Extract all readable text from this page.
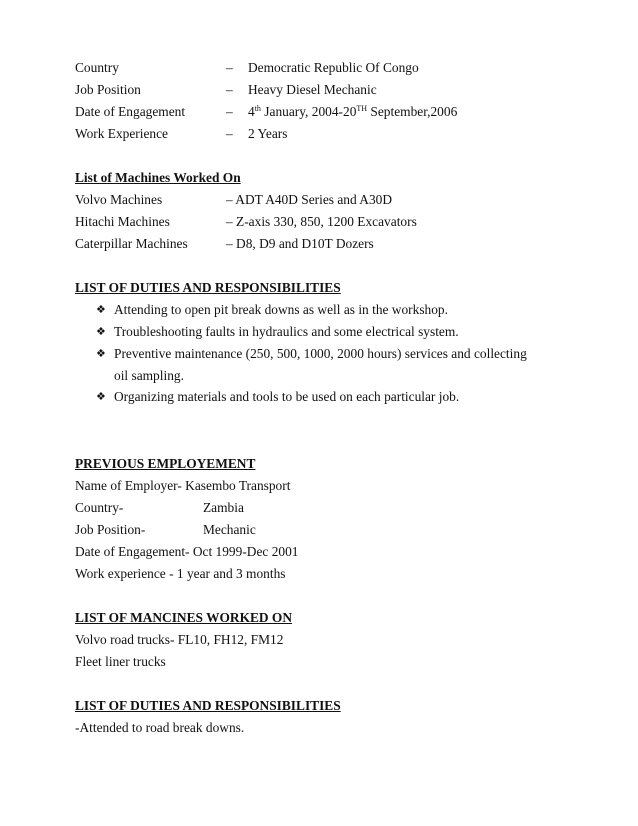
Country	– Democratic Republic Of Congo
Job Position	– Heavy Diesel Mechanic
Date of Engagement	– 4th January, 2004-20TH September,2006
Work Experience	– 2 Years
List of Machines Worked On
Volvo Machines	– ADT A40D Series and A30D
Hitachi Machines	– Z-axis 330, 850, 1200 Excavators
Caterpillar Machines	– D8, D9 and D10T Dozers
LIST OF DUTIES AND RESPONSIBILITIES
❖ Attending to open pit break downs as well as in the workshop.
❖ Troubleshooting faults in hydraulics and some electrical system.
❖ Preventive maintenance (250, 500, 1000, 2000 hours) services and collecting
oil sampling.
❖ Organizing materials and tools to be used on each particular job.
PREVIOUS EMPLOYEMENT
Name of Employer- Kasembo Transport
Country-	Zambia
Job Position-	Mechanic
Date of Engagement- Oct 1999-Dec 2001
Work experience - 1 year and 3 months
LIST OF MANCINES WORKED ON
Volvo road trucks- FL10, FH12, FM12
Fleet liner trucks
LIST OF DUTIES AND RESPONSIBILITIES
-Attended to road break downs.
